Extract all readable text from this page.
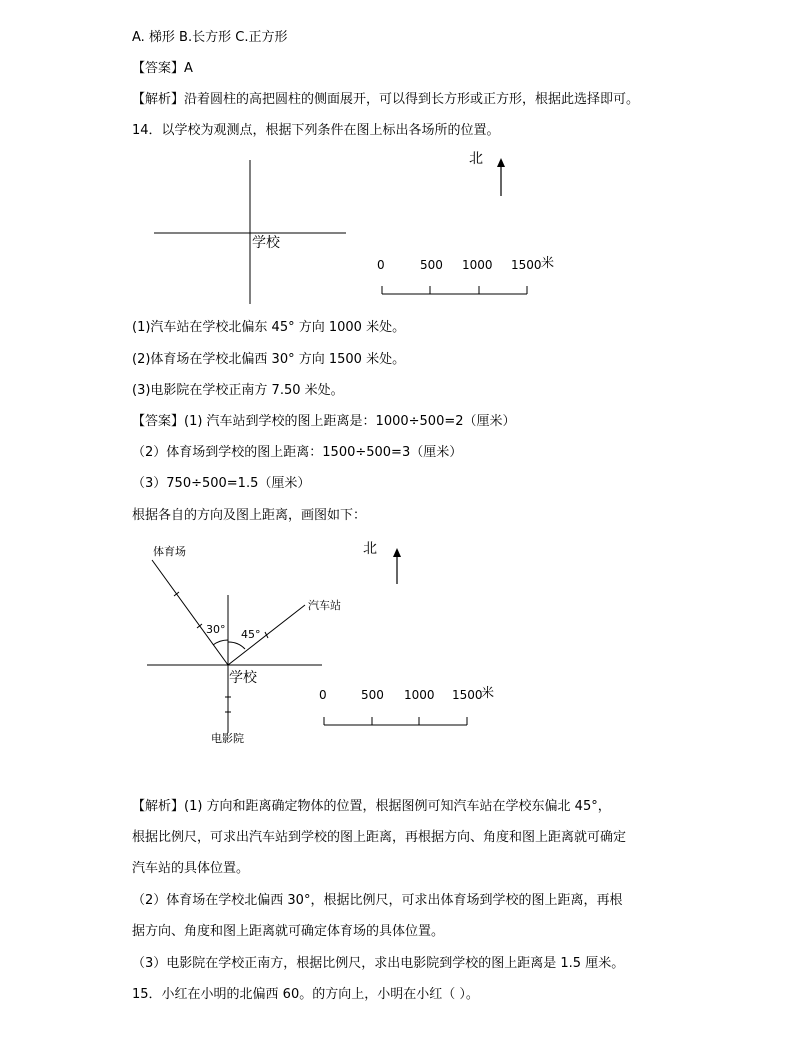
A. 梯形 B.长方形 C.正方形
【答案】A
【解析】沿着圆柱的高把圆柱的侧面展开，可以得到长方形或正方形，根据此选择即可。
14．以学校为观测点，根据下列条件在图上标出各场所的位置。
北
学校
0	500 1000 1500 米
(1)汽车站在学校北偏东 45° 方向 1000 米处。
(2)体育场在学校北偏西 30° 方向 1500 米处。
(3)电影院在学校正南方 7.50 米处。
【答案】(1) 汽车站到学校的图上距离是：1000÷500=2（厘米）
（2）体育场到学校的图上距离：1500÷500=3（厘米）
（3）750÷500=1.5（厘米）
根据各自的方向及图上距离，画图如下：
体育场	北
汽车站
30° 45°
学校
电影院
0	500 1000 1500
米
【解析】(1) 方向和距离确定物体的位置，根据图例可知汽车站在学校东偏北 45°，
根据比例尺，可求出汽车站到学校的图上距离，再根据方向、角度和图上距离就可确定
汽车站的具体位置。
（2）体育场在学校北偏西 30°，根据比例尺，可求出体育场到学校的图上距离，再根
据方向、角度和图上距离就可确定体育场的具体位置。
（3）电影院在学校正南方，根据比例尺，求出电影院到学校的图上距离是 1.5 厘米。
15．小红在小明的北偏西 60。的方向上，小明在小红（ ）。
